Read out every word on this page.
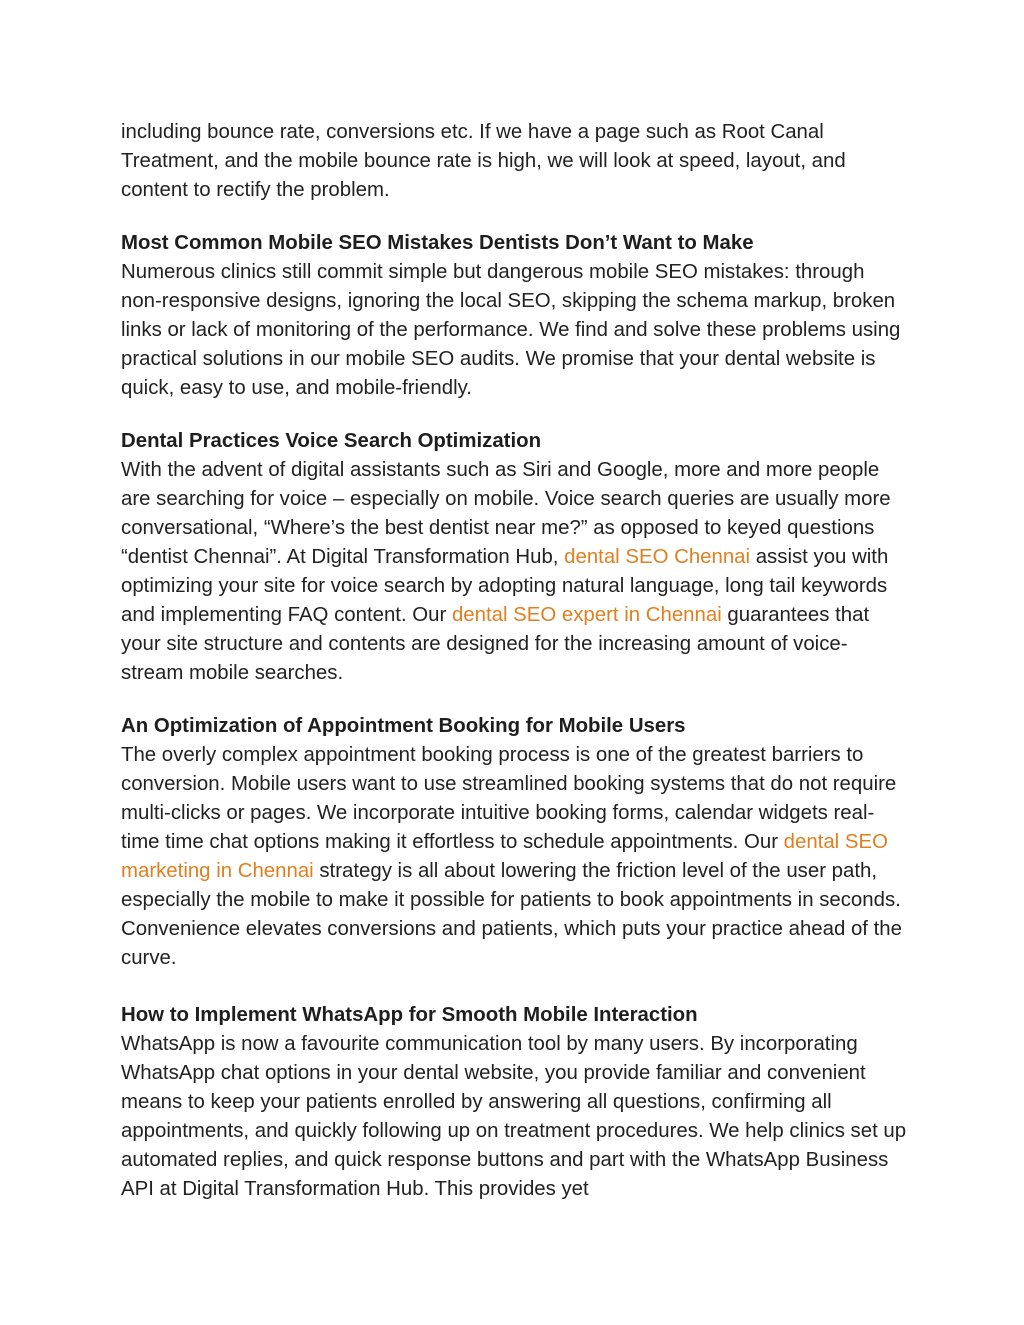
including bounce rate, conversions etc. If we have a page such as Root Canal Treatment, and the mobile bounce rate is high, we will look at speed, layout, and content to rectify the problem.

Most Common Mobile SEO Mistakes Dentists Don’t Want to Make

Numerous clinics still commit simple but dangerous mobile SEO mistakes: through non-responsive designs, ignoring the local SEO, skipping the schema markup, broken links or lack of monitoring of the performance. We find and solve these problems using practical solutions in our mobile SEO audits. We promise that your dental website is quick, easy to use, and mobile-friendly.

Dental Practices Voice Search Optimization

With the advent of digital assistants such as Siri and Google, more and more people are searching for voice – especially on mobile. Voice search queries are usually more conversational, “Where’s the best dentist near me?” as opposed to keyed questions “dentist Chennai”. At Digital Transformation Hub, dental SEO Chennai assist you with optimizing your site for voice search by adopting natural language, long tail keywords and implementing FAQ content. Our dental SEO expert in Chennai guarantees that your site structure and contents are designed for the increasing amount of voice-stream mobile searches.

An Optimization of Appointment Booking for Mobile Users

The overly complex appointment booking process is one of the greatest barriers to conversion. Mobile users want to use streamlined booking systems that do not require multi-clicks or pages. We incorporate intuitive booking forms, calendar widgets real-time time chat options making it effortless to schedule appointments. Our dental SEO marketing in Chennai strategy is all about lowering the friction level of the user path, especially the mobile to make it possible for patients to book appointments in seconds. Convenience elevates conversions and patients, which puts your practice ahead of the curve.

How to Implement WhatsApp for Smooth Mobile Interaction

WhatsApp is now a favourite communication tool by many users. By incorporating WhatsApp chat options in your dental website, you provide familiar and convenient means to keep your patients enrolled by answering all questions, confirming all appointments, and quickly following up on treatment procedures. We help clinics set up automated replies, and quick response buttons and part with the WhatsApp Business API at Digital Transformation Hub. This provides yet
